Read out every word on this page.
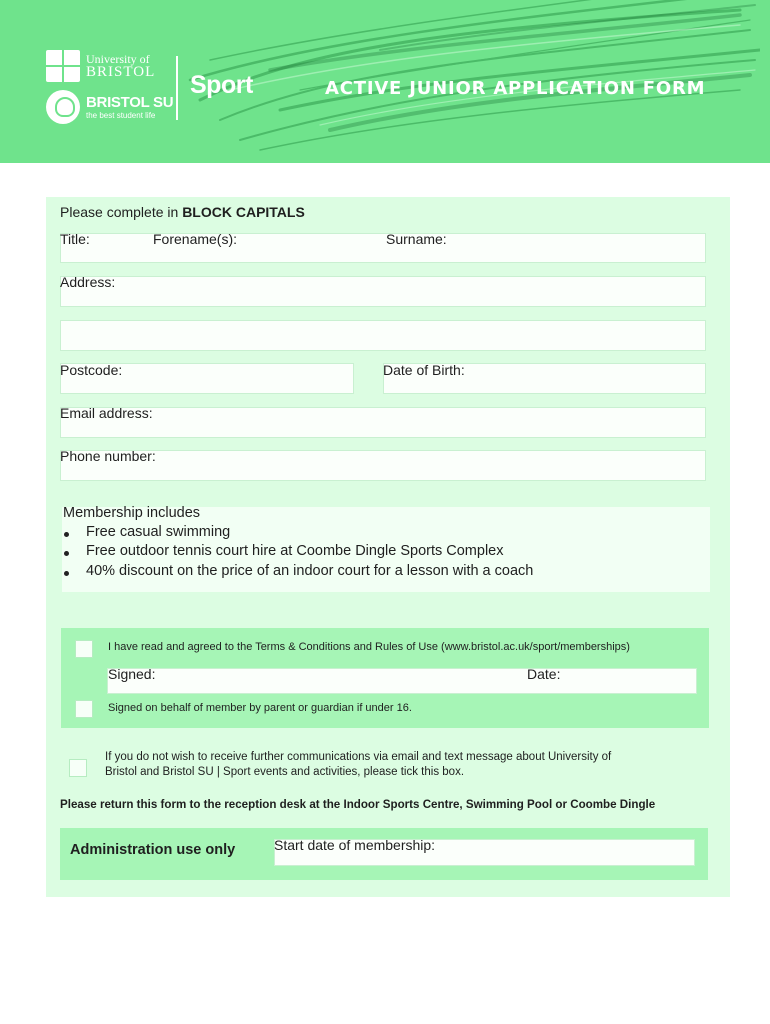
University of
BRISTOL
BRISTOL SU
the best student life
Sport	ACTIVE JUNIOR APPLICATION FORM
Please complete in BLOCK CAPITALS
Title:	Forename(s):	Surname:
Address:
Postcode:	Date of Birth:
Email address:
Phone number:
Membership includes
Free casual swimming
Free outdoor tennis court hire at Coombe Dingle Sports Complex
40% discount on the price of an indoor court for a lesson with a coach
I have read and agreed to the Terms & Conditions and Rules of Use (www.bristol.ac.uk/sport/memberships)
Signed:	Date:
Signed on behalf of member by parent or guardian if under 16.
If you do not wish to receive further communications via email and text message about University of
Bristol and Bristol SU | Sport events and activities, please tick this box.
Please return this form to the reception desk at the Indoor Sports Centre, Swimming Pool or Coombe Dingle
Administration use only	Start date of membership:
